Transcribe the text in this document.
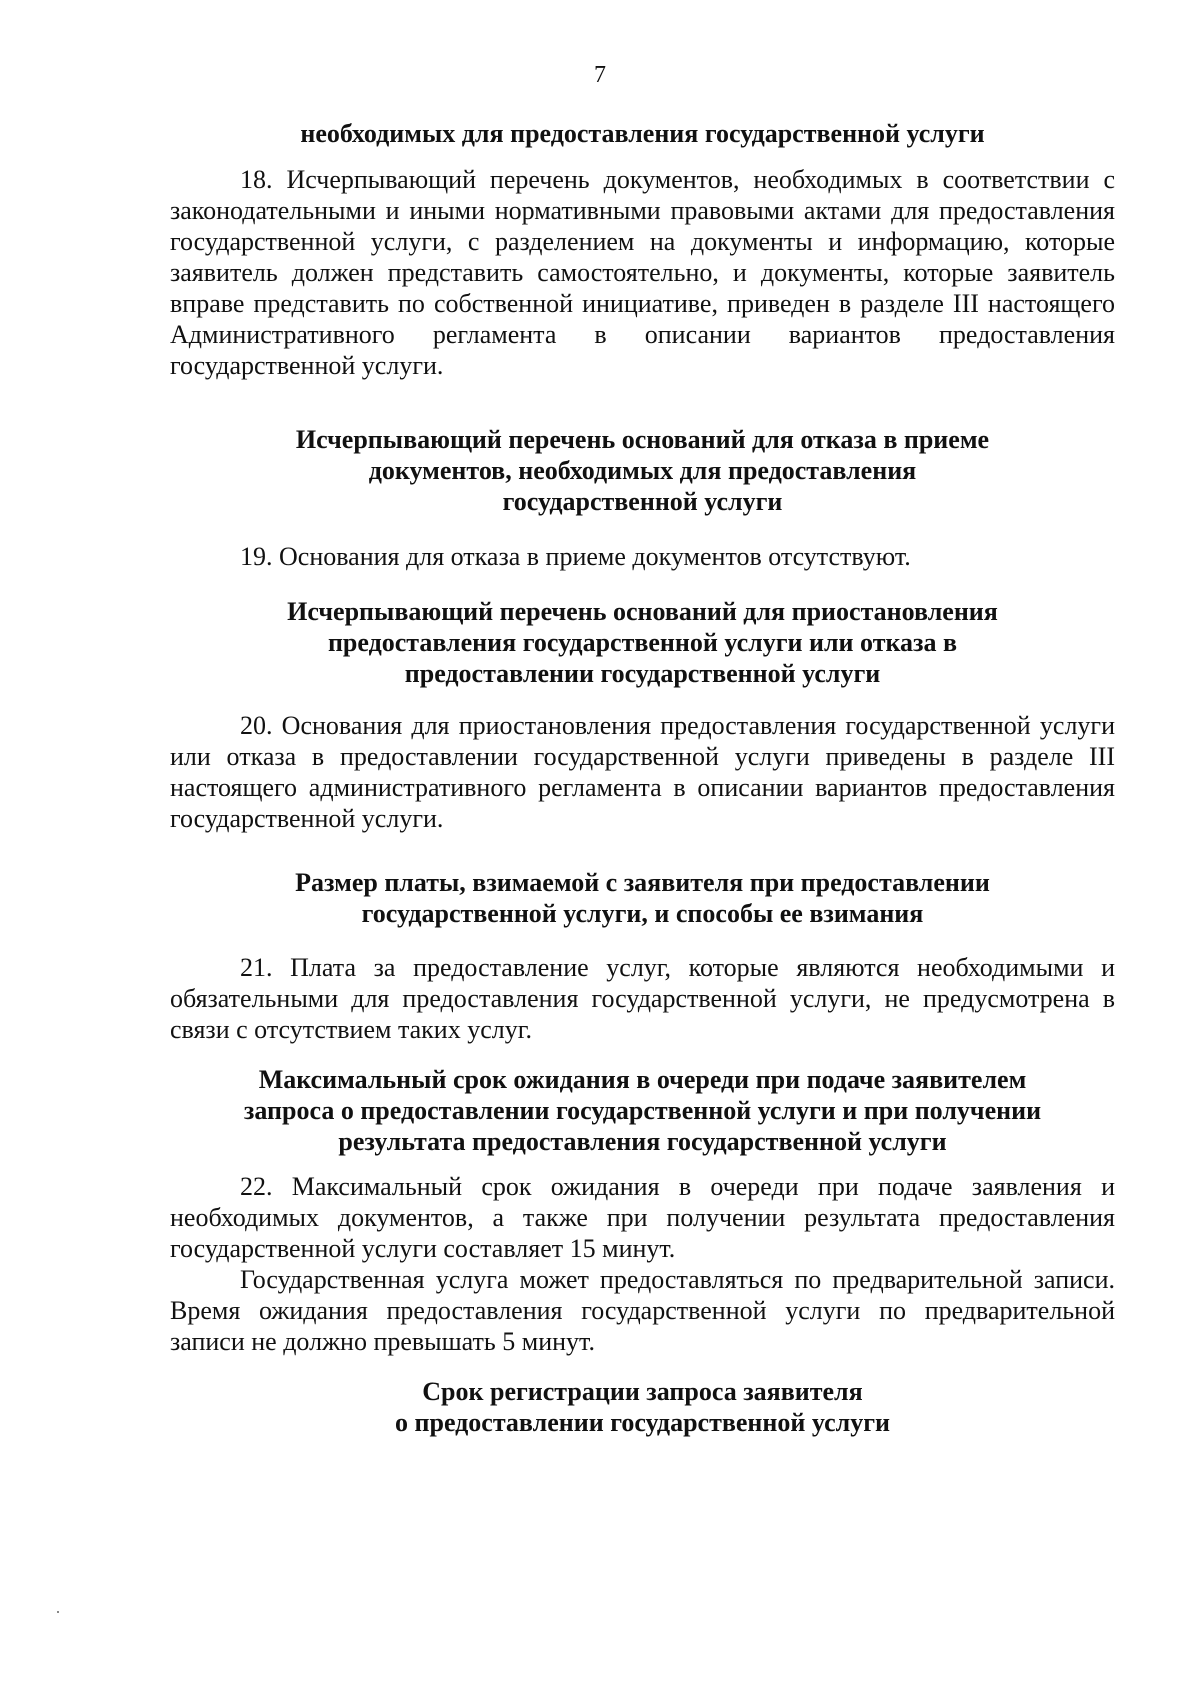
7
необходимых для предоставления государственной услуги
18. Исчерпывающий перечень документов, необходимых в соответствии с законодательными и иными нормативными правовыми актами для предоставления государственной услуги, с разделением на документы и информацию, которые заявитель должен представить самостоятельно, и документы, которые заявитель вправе представить по собственной инициативе, приведен в разделе III настоящего Административного регламента в описании вариантов предоставления государственной услуги.
Исчерпывающий перечень оснований для отказа в приеме
документов, необходимых для предоставления
государственной услуги
19. Основания для отказа в приеме документов отсутствуют.
Исчерпывающий перечень оснований для приостановления
предоставления государственной услуги или отказа в
предоставлении государственной услуги
20. Основания для приостановления предоставления государственной услуги или отказа в предоставлении государственной услуги приведены в разделе III настоящего административного регламента в описании вариантов предоставления государственной услуги.
Размер платы, взимаемой с заявителя при предоставлении
государственной услуги, и способы ее взимания
21. Плата за предоставление услуг, которые являются необходимыми и обязательными для предоставления государственной услуги, не предусмотрена в связи с отсутствием таких услуг.
Максимальный срок ожидания в очереди при подаче заявителем
запроса о предоставлении государственной услуги и при получении
результата предоставления государственной услуги
22. Максимальный срок ожидания в очереди при подаче заявления и необходимых документов, а также при получении результата предоставления государственной услуги составляет 15 минут.
Государственная услуга может предоставляться по предварительной записи. Время ожидания предоставления государственной услуги по предварительной записи не должно превышать 5 минут.
Срок регистрации запроса заявителя
о предоставлении государственной услуги
